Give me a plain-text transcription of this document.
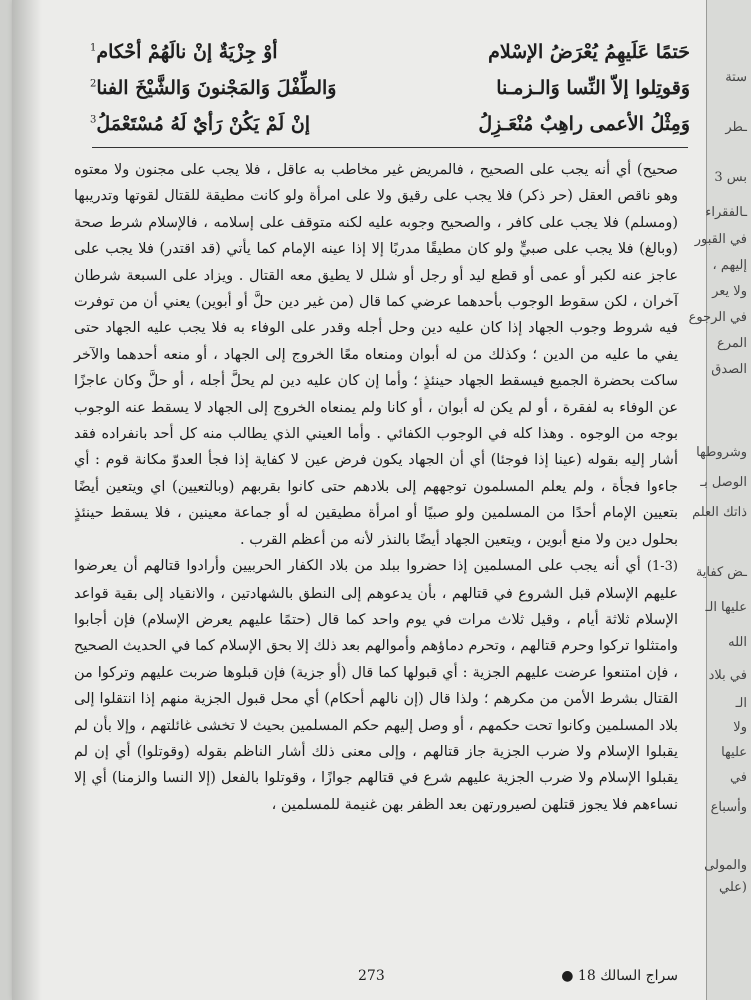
حَتمًا عَلَيهِمُ يُعْرَضُ الإسْلام
أوْ جِزْيَةٌ إنْ نالَهُمْ أحْكام$^1$
وَقوتِلوا إلاّ النِّسا وَالـزمـنا
وَالطِّفْلَ وَالمَجْنونَ وَالشَّيْخَ الفنا$^2$
وَمِثْلُ الأعمى راهِبٌ مُنْعَـزِلُ
إنْ لَمْ يَكُنْ رَأيٌ لَهُ مُسْتَعْمَلُ$^3$

صحيح) أي أنه يجب على الصحيح ، فالمريض غير مخاطب به عاقل ، فلا يجب على مجنون ولا معتوه وهو ناقص العقل (حر ذكر) فلا يجب على رقيق ولا على امرأة ولو كانت مطيقة للقتال لقوتها وتدريبها (ومسلم) فلا يجب على كافر ، والصحيح وجوبه عليه لكنه متوقف على إسلامه ، فالإسلام شرط صحة (وبالغ) فلا يجب على صبيٍّ ولو كان مطيقًا مدربًا إلا إذا عينه الإمام كما يأتي (قد اقتدر) فلا يجب على عاجز عنه لكبر أو عمى أو قطع ليد أو رجل أو شلل لا يطيق معه القتال . ويزاد على السبعة شرطان آخران ، لكن سقوط الوجوب بأحدهما عرضي كما قال (من غير دين حلَّ أو أبوين) يعني أن من توفرت فيه شروط وجوب الجهاد إذا كان عليه دين وحل أجله وقدر على الوفاء به فلا يجب عليه الجهاد حتى يفي ما عليه من الدين ؛ وكذلك من له أبوان ومنعاه معًا الخروج إلى الجهاد ، أو منعه أحدهما والآخر ساكت بحضرة الجميع فيسقط الجهاد حينئذٍ ؛ وأما إن كان عليه دين لم يحلَّ أجله ، أو حلَّ وكان عاجزًا عن الوفاء به لفقرة ، أو لم يكن له أبوان ، أو كانا ولم يمنعاه الخروج إلى الجهاد لا يسقط عنه الوجوب بوجه من الوجوه . وهذا كله في الوجوب الكفائي . وأما العيني الذي يطالب منه كل أحد بانفراده فقد أشار إليه بقوله (عينا إذا فوجئا) أي أن الجهاد يكون فرض عين لا كفاية إذا فجأ العدوّ مكانة قوم : أي جاءوا فجأة ، ولم يعلم المسلمون توجههم إلى بلادهم حتى كانوا بقربهم (وبالتعيين) اي ويتعين أيضًا بتعيين الإمام أحدًا من المسلمين ولو صبيًا أو امرأة مطيقين له أو جماعة معينين ، فلا يسقط حينئذٍ بحلول دين ولا منع أبوين ، ويتعين الجهاد أيضًا بالنذر لأنه من أعظم القرب .

(1-3) أي أنه يجب على المسلمين إذا حضروا ببلد من بلاد الكفار الحربيين وأرادوا قتالهم أن يعرضوا عليهم الإسلام قبل الشروع في قتالهم ، بأن يدعوهم إلى النطق بالشهادتين ، والانقياد إلى بقية قواعد الإسلام ثلاثة أيام ، وقيل ثلاث مرات في يوم واحد كما قال (حتمًا عليهم يعرض الإسلام) فإن أجابوا وامتثلوا تركوا وحرم قتالهم ، وتحرم دماؤهم وأموالهم بعد ذلك إلا بحق الإسلام كما في الحديث الصحيح ، فإن امتنعوا عرضت عليهم الجزية : أي قبولها كما قال (أو جزية) فإن قبلوها ضربت عليهم وتركوا من القتال بشرط الأمن من مكرهم ؛ ولذا قال (إن نالهم أحكام) أي محل قبول الجزية منهم إذا انتقلوا إلى بلاد المسلمين وكانوا تحت حكمهم ، أو وصل إليهم حكم المسلمين بحيث لا تخشى غائلتهم ، وإلا بأن لم يقبلوا الإسلام ولا ضرب الجزية جاز قتالهم ، وإلى معنى ذلك أشار الناظم بقوله (وقوتلوا) أي إن لم يقبلوا الإسلام ولا ضرب الجزية عليهم شرع في قتالهم جوازًا ، وقوتلوا بالفعل (إلا النسا والزمنا) أي إلا نساءهم فلا يجوز قتلهن لصيرورتهن بعد الظفر بهن غنيمة للمسلمين ،

273	سراج السالك 18 ●
ستة
ـطر
بس 3
ـالفقراء
في القبور
إليهم ،
ولا يعر
في الرجوع
المرع
الصدق
وشروطها
الوصل بـ
ذاتك العلم
ـض كفاية
عليها الـ
الله
في بلاد
الـ
ولا
عليها
في
وأسباع
والمولى
(علي
